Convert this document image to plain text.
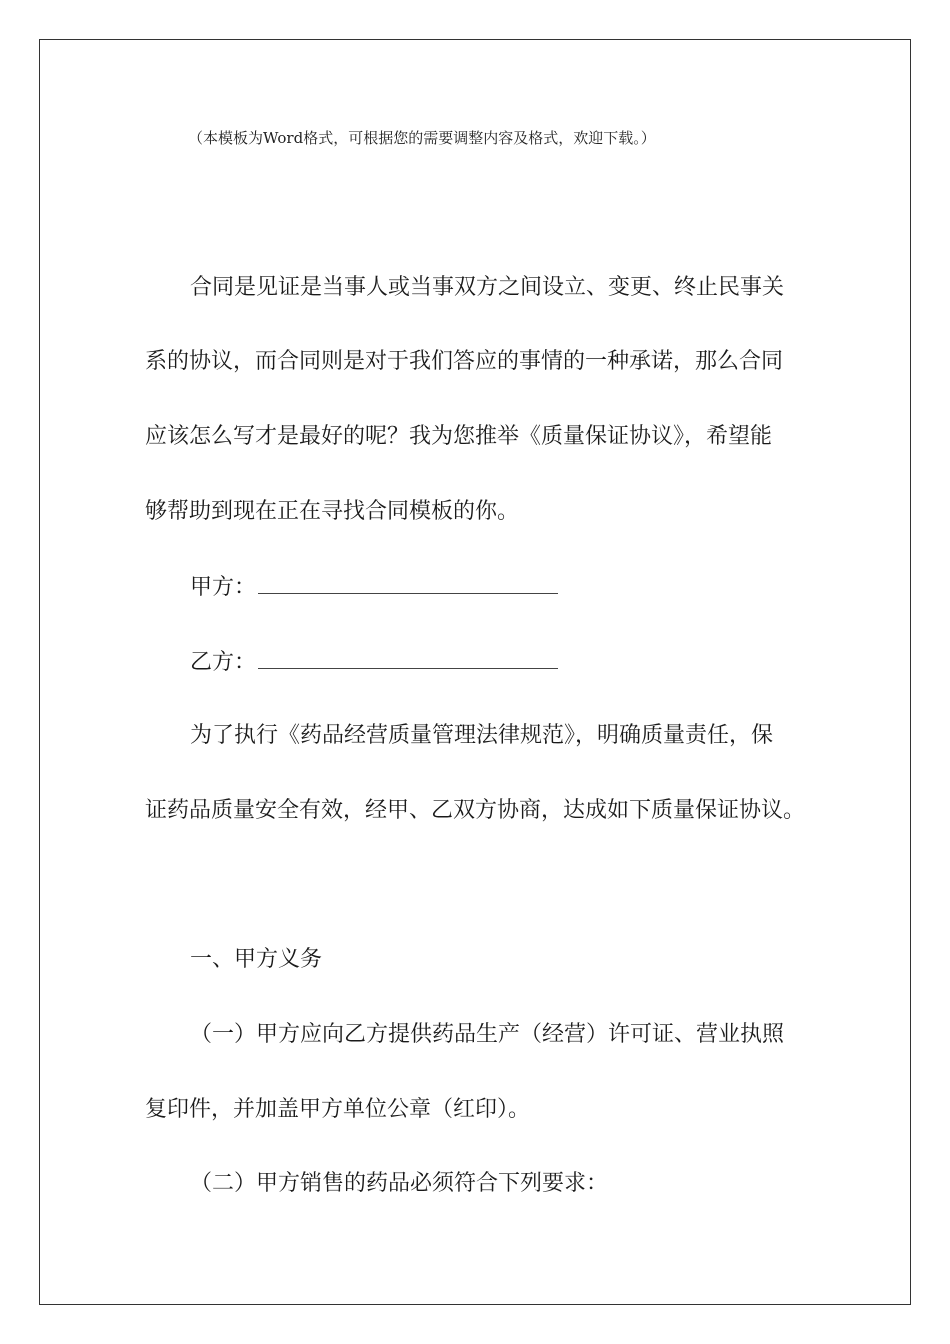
（本模板为Word格式，可根据您的需要调整内容及格式，欢迎下载。）
合同是见证是当事人或当事双方之间设立、变更、终止民事关
系的协议，而合同则是对于我们答应的事情的一种承诺，那么合同
应该怎么写才是最好的呢？我为您推举《质量保证协议》，希望能
够帮助到现在正在寻找合同模板的你。
甲方：
乙方：
为了执行《药品经营质量管理法律规范》，明确质量责任，保
证药品质量安全有效，经甲、乙双方协商，达成如下质量保证协议。
一、甲方义务
（一）甲方应向乙方提供药品生产（经营）许可证、营业执照
复印件，并加盖甲方单位公章（红印）。
（二）甲方销售的药品必须符合下列要求：
